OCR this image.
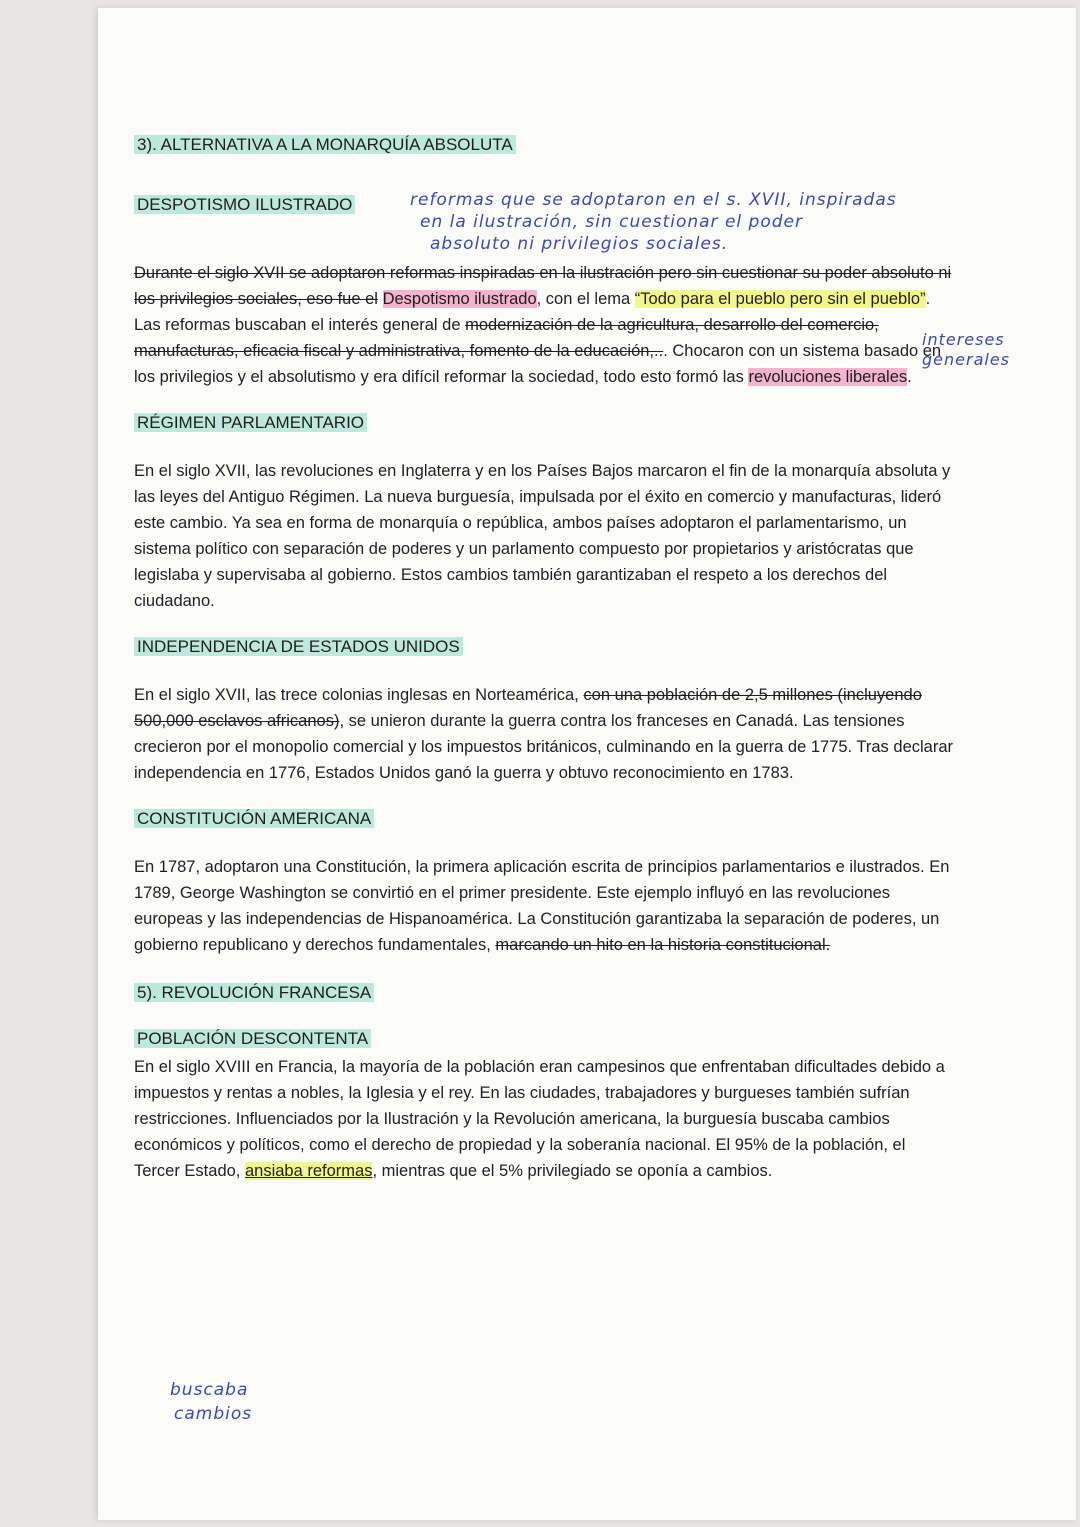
reformas que se adoptaron en el s. XVII, inspiradas
en la ilustración, sin cuestionar el poder
absoluto ni privilegios sociales.
intereses
generales
buscaba
cambios

3). ALTERNATIVA A LA MONARQUÍA ABSOLUTA

DESPOTISMO ILUSTRADO

Durante el siglo XVII se adoptaron reformas inspiradas en la ilustración pero sin cuestionar su poder absoluto ni los privilegios sociales, eso fue el Despotismo ilustrado, con el lema “Todo para el pueblo pero sin el pueblo”. Las reformas buscaban el interés general de modernización de la agricultura, desarrollo del comercio, manufacturas, eficacia fiscal y administrativa, fomento de la educación,... Chocaron con un sistema basado en los privilegios y el absolutismo y era difícil reformar la sociedad, todo esto formó las revoluciones liberales.

RÉGIMEN PARLAMENTARIO

En el siglo XVII, las revoluciones en Inglaterra y en los Países Bajos marcaron el fin de la monarquía absoluta y las leyes del Antiguo Régimen. La nueva burguesía, impulsada por el éxito en comercio y manufacturas, lideró este cambio. Ya sea en forma de monarquía o república, ambos países adoptaron el parlamentarismo, un sistema político con separación de poderes y un parlamento compuesto por propietarios y aristócratas que legislaba y supervisaba al gobierno. Estos cambios también garantizaban el respeto a los derechos del ciudadano.

INDEPENDENCIA DE ESTADOS UNIDOS

En el siglo XVII, las trece colonias inglesas en Norteamérica, con una población de 2,5 millones (incluyendo 500,000 esclavos africanos), se unieron durante la guerra contra los franceses en Canadá. Las tensiones crecieron por el monopolio comercial y los impuestos británicos, culminando en la guerra de 1775. Tras declarar independencia en 1776, Estados Unidos ganó la guerra y obtuvo reconocimiento en 1783.

CONSTITUCIÓN AMERICANA

En 1787, adoptaron una Constitución, la primera aplicación escrita de principios parlamentarios e ilustrados. En 1789, George Washington se convirtió en el primer presidente. Este ejemplo influyó en las revoluciones europeas y las independencias de Hispanoamérica. La Constitución garantizaba la separación de poderes, un gobierno republicano y derechos fundamentales, marcando un hito en la historia constitucional.

5). REVOLUCIÓN FRANCESA

POBLACIÓN DESCONTENTA

En el siglo XVIII en Francia, la mayoría de la población eran campesinos que enfrentaban dificultades debido a impuestos y rentas a nobles, la Iglesia y el rey. En las ciudades, trabajadores y burgueses también sufrían restricciones. Influenciados por la Ilustración y la Revolución americana, la burguesía buscaba cambios económicos y políticos, como el derecho de propiedad y la soberanía nacional. El 95% de la población, el Tercer Estado, ansiaba reformas, mientras que el 5% privilegiado se oponía a cambios.
